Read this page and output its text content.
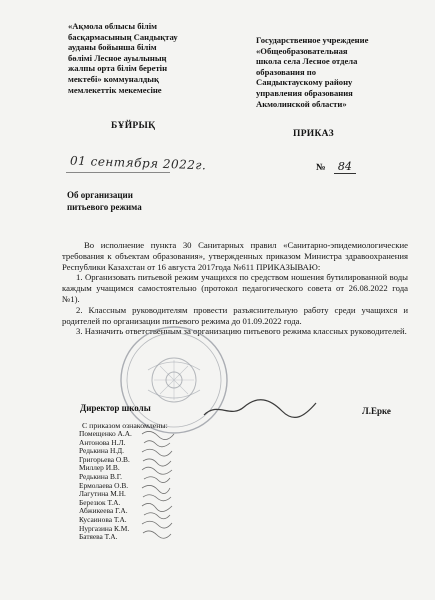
«Ақмола облысы білім
басқармасының Сандықтау
ауданы бойынша білім
бөлімі Лесное ауылының
жалпы орта білім беретін
мектебі» коммуналдық
мемлекеттік мекемесіне
Государственное учреждение
«Общеобразовательная
школа села Лесное отдела
образования по
Сандыктаускому району
управления образования
Акмолинской области»
БҰЙРЫҚ
ПРИКАЗ
01 сентября 2022г.	№ 84
Об организации
питьевого режима

Во исполнение пункта 30 Санитарных правил «Санитарно-эпидемиологические требования к объектам образования», утвержденных приказом Министра здравоохранения Республики Казахстан от 16 августа 2017года №611 ПРИКАЗЫВАЮ:

1. Организовать питьевой режим учащихся по средством ношения бутилированной воды каждым учащимся самостоятельно (протокол педагогического совета от 26.08.2022 года №1).

2. Классным руководителям провести разъяснительную работу среди учащихся и родителей по организации питьевого режима до 01.09.2022 года.

3. Назначить ответственным за организацию питьевого режима классных руководителей.

Директор школы	Л.Ерке
С приказом ознакомлены:
Помещенко А.А.
Антонова Н.Л.
Редькина Н.Д.
Григорьева О.В.
Миллер И.В.
Редькина В.Г.
Ермолаева О.В.
Лагутина М.Н.
Березюк Т.А.
Абжикеева Г.А.
Кусаинова Т.А.
Нургазина К.М.
Батяева Т.А.
